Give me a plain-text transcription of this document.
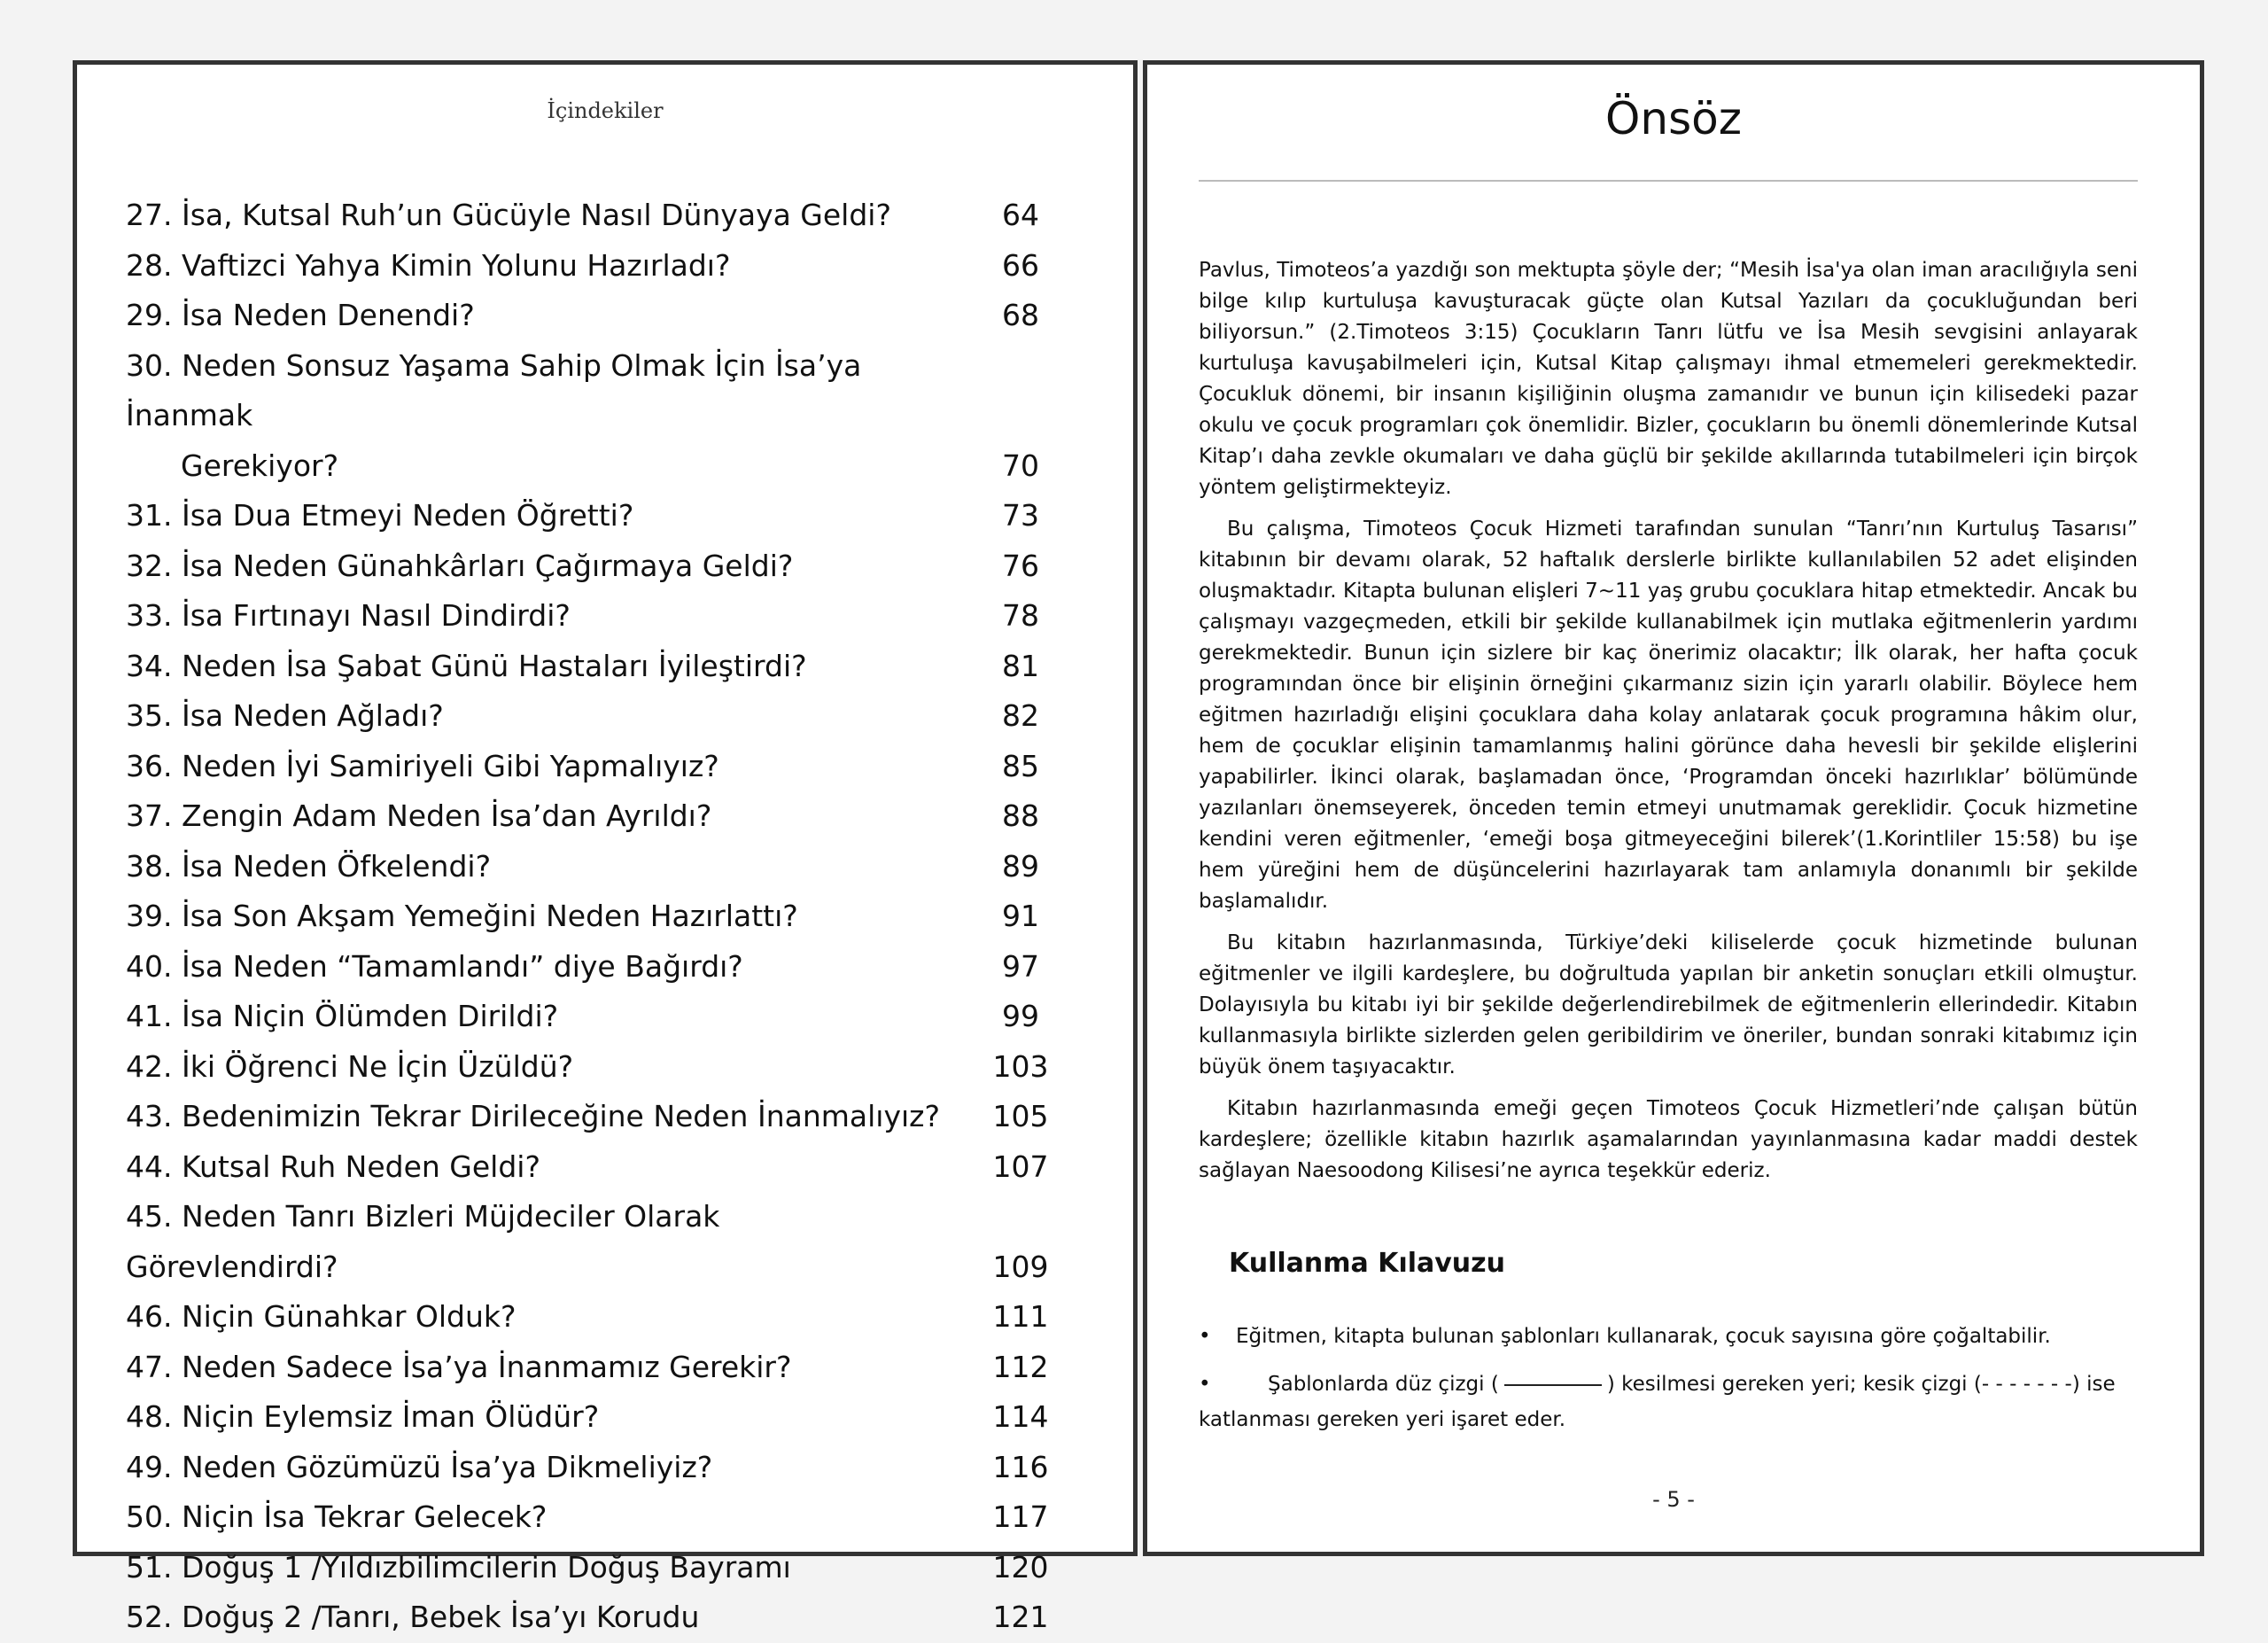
İçindekiler
27. İsa, Kutsal Ruh’un Gücüyle Nasıl Dünyaya Geldi?	64
28. Vaftizci Yahya Kimin Yolunu Hazırladı?	66
29. İsa Neden Denendi?	68
30. Neden Sonsuz Yaşama Sahip Olmak İçin İsa’ya İnanmak
Gerekiyor?	70
31. İsa Dua Etmeyi Neden Öğretti?	73
32. İsa Neden Günahkârları Çağırmaya Geldi?	76
33. İsa Fırtınayı Nasıl Dindirdi?	78
34. Neden İsa Şabat Günü Hastaları İyileştirdi?	81
35. İsa Neden Ağladı?	82
36. Neden İyi Samiriyeli Gibi Yapmalıyız?	85
37. Zengin Adam Neden İsa’dan Ayrıldı?	88
38. İsa Neden Öfkelendi?	89
39. İsa Son Akşam Yemeğini Neden Hazırlattı?	91
40. İsa Neden “Tamamlandı” diye Bağırdı?	97
41. İsa Niçin Ölümden Dirildi?	99
42. İki Öğrenci Ne İçin Üzüldü?	103
43. Bedenimizin Tekrar Dirileceğine Neden İnanmalıyız?	105
44. Kutsal Ruh Neden Geldi?	107
45. Neden Tanrı Bizleri Müjdeciler Olarak Görevlendirdi?	109
46. Niçin Günahkar Olduk?	111
47. Neden Sadece İsa’ya İnanmamız Gerekir?	112
48. Niçin Eylemsiz İman Ölüdür?	114
49. Neden Gözümüzü İsa’ya Dikmeliyiz?	116
50. Niçin İsa Tekrar Gelecek?	117
51. Doğuş 1 /Yıldızbilimcilerin Doğuş Bayramı	120
52. Doğuş 2 /Tanrı, Bebek İsa’yı Korudu	121
Önsöz

Pavlus, Timoteos’a yazdığı son mektupta şöyle der; “Mesih İsa'ya olan iman aracılığıyla seni bilge kılıp kurtuluşa kavuşturacak güçte olan Kutsal Yazıları da çocukluğundan beri biliyorsun.” (2.Timoteos 3:15) Çocukların Tanrı lütfu ve İsa Mesih sevgisini anlayarak kurtuluşa kavuşabilmeleri için, Kutsal Kitap çalışmayı ihmal etmemeleri gerekmektedir. Çocukluk dönemi, bir insanın kişiliğinin oluşma zamanıdır ve bunun için kilisedeki pazar okulu ve çocuk programları çok önemlidir. Bizler, çocukların bu önemli dönemlerinde Kutsal Kitap’ı daha zevkle okumaları ve daha güçlü bir şekilde akıllarında tutabilmeleri için birçok yöntem geliştirmekteyiz.

Bu çalışma, Timoteos Çocuk Hizmeti tarafından sunulan “Tanrı’nın Kurtuluş Tasarısı” kitabının bir devamı olarak, 52 haftalık derslerle birlikte kullanılabilen 52 adet elişinden oluşmaktadır. Kitapta bulunan elişleri 7~11 yaş grubu çocuklara hitap etmektedir. Ancak bu çalışmayı vazgeçmeden, etkili bir şekilde kullanabilmek için mutlaka eğitmenlerin yardımı gerekmektedir. Bunun için sizlere bir kaç önerimiz olacaktır; İlk olarak, her hafta çocuk programından önce bir elişinin örneğini çıkarmanız sizin için yararlı olabilir. Böylece hem eğitmen hazırladığı elişini çocuklara daha kolay anlatarak çocuk programına hâkim olur, hem de çocuklar elişinin tamamlanmış halini görünce daha hevesli bir şekilde elişlerini yapabilirler. İkinci olarak, başlamadan önce, ‘Programdan önceki hazırlıklar’ bölümünde yazılanları önemseyerek, önceden temin etmeyi unutmamak gereklidir. Çocuk hizmetine kendini veren eğitmenler, ‘emeği boşa gitmeyeceğini bilerek’(1.Korintliler 15:58) bu işe hem yüreğini hem de düşüncelerini hazırlayarak tam anlamıyla donanımlı bir şekilde başlamalıdır.

Bu kitabın hazırlanmasında, Türkiye’deki kiliselerde çocuk hizmetinde bulunan eğitmenler ve ilgili kardeşlere, bu doğrultuda yapılan bir anketin sonuçları etkili olmuştur. Dolayısıyla bu kitabı iyi bir şekilde değerlendirebilmek de eğitmenlerin ellerindedir. Kitabın kullanmasıyla birlikte sizlerden gelen geribildirim ve öneriler, bundan sonraki kitabımız için büyük önem taşıyacaktır.

Kitabın hazırlanmasında emeği geçen Timoteos Çocuk Hizmetleri’nde çalışan bütün kardeşlere; özellikle kitabın hazırlık aşamalarından yayınlanmasına kadar maddi destek sağlayan Naesoodong Kilisesi’ne ayrıca teşekkür ederiz.

Kullanma Kılavuzu
• Eğitmen, kitapta bulunan şablonları kullanarak, çocuk sayısına göre çoğaltabilir.
•	Şablonlarda düz çizgi (	) kesilmesi gereken yeri; kesik çizgi (- - - - - - -) ise katlanması gereken yeri işaret eder.
- 5 -
